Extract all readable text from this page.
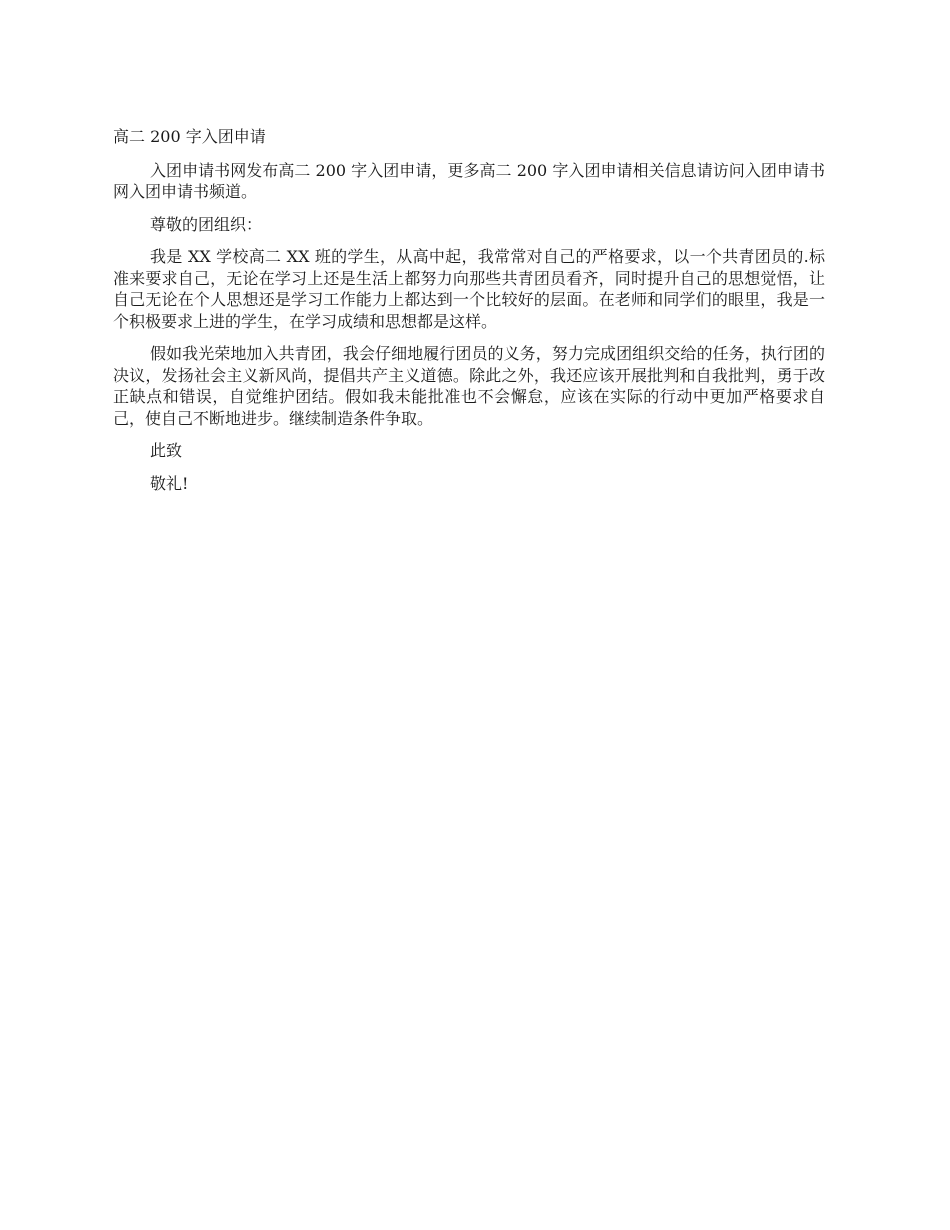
高二 200 字入团申请

入团申请书网发布高二 200 字入团申请，更多高二 200 字入团申请相关信息请访问入团申请书网入团申请书频道。

尊敬的团组织：

我是 XX 学校高二 XX 班的学生，从高中起，我常常对自己的严格要求，以一个共青团员的.标准来要求自己，无论在学习上还是生活上都努力向那些共青团员看齐，同时提升自己的思想觉悟，让自己无论在个人思想还是学习工作能力上都达到一个比较好的层面。在老师和同学们的眼里，我是一个积极要求上进的学生，在学习成绩和思想都是这样。

假如我光荣地加入共青团，我会仔细地履行团员的义务，努力完成团组织交给的任务，执行团的决议，发扬社会主义新风尚，提倡共产主义道德。除此之外，我还应该开展批判和自我批判，勇于改正缺点和错误，自觉维护团结。假如我未能批准也不会懈怠，应该在实际的行动中更加严格要求自己，使自己不断地进步。继续制造条件争取。

此致

敬礼!
